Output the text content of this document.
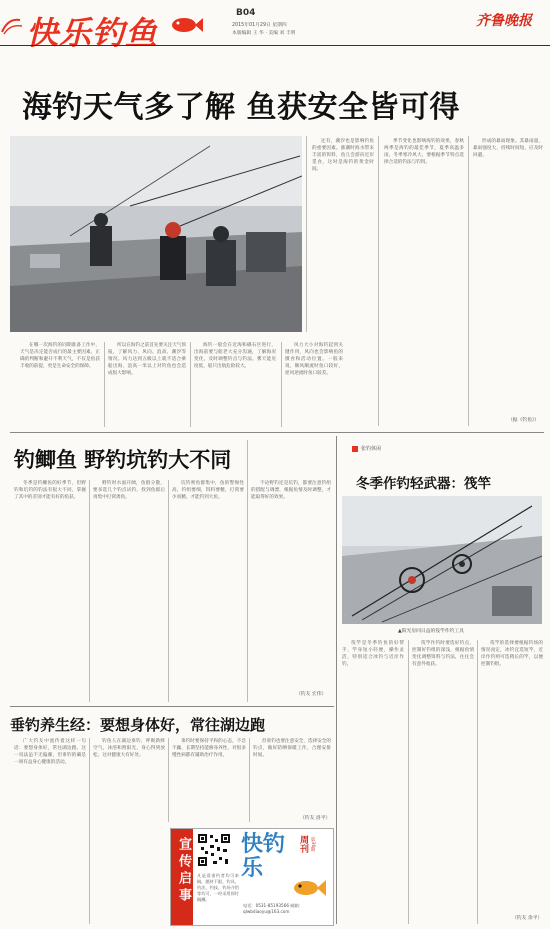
快乐钓鱼
B04
2015年01月29日 星期四
本版编辑 王 华 · 美编 刘 丰明
齐鲁晚报
海钓天气多了解 鱼获安全皆可得

在哪一次海钓的同期准备工作中，天气是决定能否成行的最主要因素，正确的判断和避开不利天气，不仅是鱼获丰收的前提，更是生命安全的保障。

所以在海钓之前首先要关注天气预报，了解风力、风向、浪高、潮汐等情况。风力达到五级以上就不适合乘船出海，浪高一米以上对钓鱼也会造成很大影响。

海钓一般会在近海和礁石区进行，出海前要与船老大充分沟通，了解海况变化，及时调整钓点与钓法。雾天能见度低，船只出航危险较大。

风力大小对海钓起到关键作用，风向也会影响鱼的摄食和活动位置。一般来说，顺风顺流时鱼口较好，逆风逆流时鱼口较差。

还有，潮汐也是影响钓鱼的重要因素。涨潮时海水带来丰富的饵料，鱼儿会游向近岸觅食，这时是海钓的黄金时间。

季节变化也影响海钓的效果，春秋两季是海钓的最佳季节，夏季高温多雨，冬季寒冷风大，要根据季节特点选择合适的钓法与钓饵。

形成的暴雨现象。其暴雨量，暴雨强度大，持续时间短，应及时回避。

（据《钓鱼》）
钓鲫鱼 野钓坑钓大不同

冬季是钓鲫鱼的好季节，但野钓和坑钓的钓法有很大不同，掌握了其中的差别才能有好的鱼获。

野钓时水面开阔，鱼群分散，要多选几个钓点试钓，找到鱼群后再集中打窝诱鱼。

坑钓则鱼群集中，鱼的警惕性高，钓组要细，饵料要精，打窝要少而精，才能钓到大鱼。

不论野钓还是坑钓，都要注意钓组的搭配与调漂，根据鱼情及时调整，才能取得好的效果。

（钓友 宏伟）
张钓休闲
冬季作钓轻武器：筏竿
▲阳光房同日益的筏竿作钓工具

筏竿是冬季钓鱼的好帮手，竿身短小轻便，操作灵活，特别适合冰钓与近岸作钓。

筏竿作钓时要选好钓点，控制好钓组的深浅，根据鱼情变化调整饵料与钓法，往往会有意外收获。

筏竿的选择要根据钓场的情况而定，冰钓宜选短竿，近岸作钓则可选稍长的竿，以便控制钓组。

（钓友 余平）
垂钓养生经：要想身体好，常往湖边跑

广大钓友中流传着这样一句话：要想身体好，常往湖边跑。这一说法虽不无偏颇，但垂钓的确是一项有益身心健康的活动。

钓鱼人在湖边垂钓，呼吸新鲜空气，沐浴和煦阳光，身心得到放松，这对健康大有好处。

垂钓时要保持平和的心态，不急不躁，长期坚持能修身养性，对很多慢性病都有辅助治疗作用。

但垂钓也要注意安全，选择安全的钓点，做好防晒保暖工作，合理安排时间。

（钓友 洛平）
宣传启事	凡是爱垂钓者均可来稿，题材不限，钓具、钓法、钓技、钓场介绍等均可，一经采用即付稿酬。

快钓乐
周刊 第36期
电话：0531-85193566 邮箱：qlwbdiaoyu@163.com
